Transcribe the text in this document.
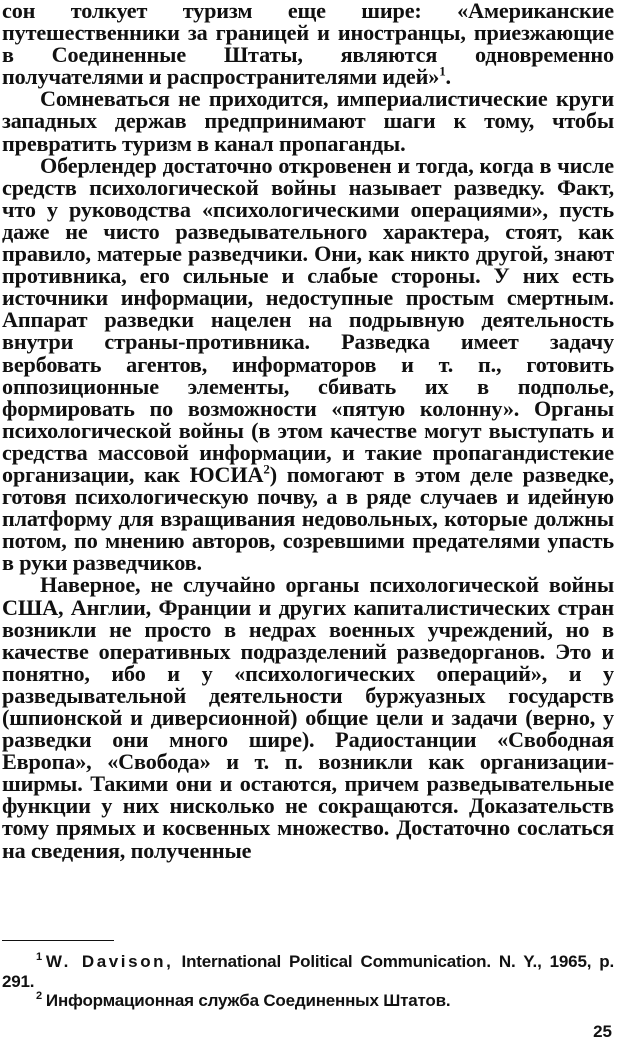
сон толкует туризм еще шире: «Американские путешественники за границей и иностранцы, приезжающие в Соединенные Штаты, являются одновременно получателями и распространителями идей»$^1$.

Сомневаться не приходится, империалистические круги западных держав предпринимают шаги к тому, чтобы превратить туризм в канал пропаганды.

Оберлендер достаточно откровенен и тогда, когда в числе средств психологической войны называет разведку. Факт, что у руководства «психологическими операциями», пусть даже не чисто разведывательного характера, стоят, как правило, матерые разведчики. Они, как никто другой, знают противника, его сильные и слабые стороны. У них есть источники информации, недоступные простым смертным. Аппарат разведки нацелен на подрывную деятельность внутри страны-противника. Разведка имеет задачу вербовать агентов, информаторов и т. п., готовить оппозиционные элементы, сбивать их в подполье, формировать по возможности «пятую колонну». Органы психологической войны (в этом качестве могут выступать и средства массовой информации, и такие пропагандистекие организации, как ЮСИА$^2$) помогают в этом деле разведке, готовя психологическую почву, а в ряде случаев и идейную платформу для взращивания недовольных, которые должны потом, по мнению авторов, созревшими предателями упасть в руки разведчиков.

Наверное, не случайно органы психологической войны США, Англии, Франции и других капиталистических стран возникли не просто в недрах военных учреждений, но в качестве оперативных подразделений разведорганов. Это и понятно, ибо и у «психологических операций», и у разведывательной деятельности буржуазных государств (шпионской и диверсионной) общие цели и задачи (верно, у разведки они много шире). Радиостанции «Свободная Европа», «Свобода» и т. п. возникли как организации-ширмы. Такими они и остаются, причем разведывательные функции у них нисколько не сокращаются. Доказательств тому прямых и косвенных множество. Достаточно сослаться на сведения, полученные

$^1$ W. Davison, International Political Communication. N. Y., 1965, p. 291.

$^2$ Информационная служба Соединенных Штатов.

25
